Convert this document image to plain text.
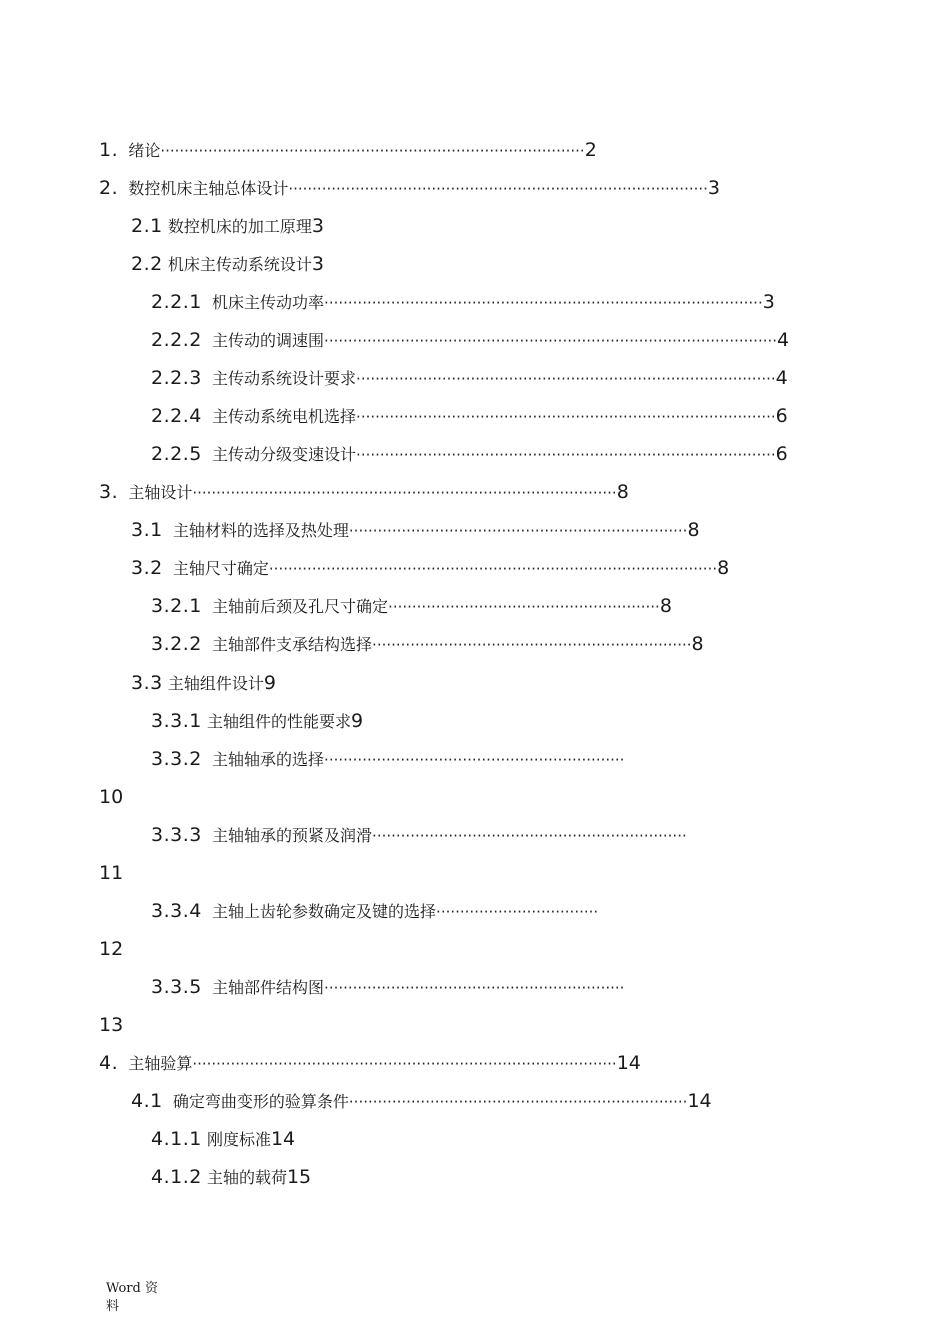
1. 绪论·························································································2
2. 数控机床主轴总体设计························································································3
2.1 数控机床的加工原理3
2.2 机床主传动系统设计3
2.2.1 机床主传动功率····························································································3
2.2.2 主传动的调速围·······························································································4
2.2.3 主传动系统设计要求························································································4
2.2.4 主传动系统电机选择························································································6
2.2.5 主传动分级变速设计························································································6
3. 主轴设计·························································································8
3.1 主轴材料的选择及热处理·······································································8
3.2 主轴尺寸确定······························································································8
3.2.1 主轴前后颈及孔尺寸确定·························································8
3.2.2 主轴部件支承结构选择···································································8
3.3 主轴组件设计9
3.3.1 主轴组件的性能要求9
3.3.2 主轴轴承的选择·······························································
10
3.3.3 主轴轴承的预紧及润滑··································································
11
3.3.4 主轴上齿轮参数确定及键的选择··································
12
3.3.5 主轴部件结构图·······························································
13
4. 主轴验算·························································································14
4.1 确定弯曲变形的验算条件·······································································14
4.1.1 刚度标准14
4.1.2 主轴的载荷15
Word 资
料
